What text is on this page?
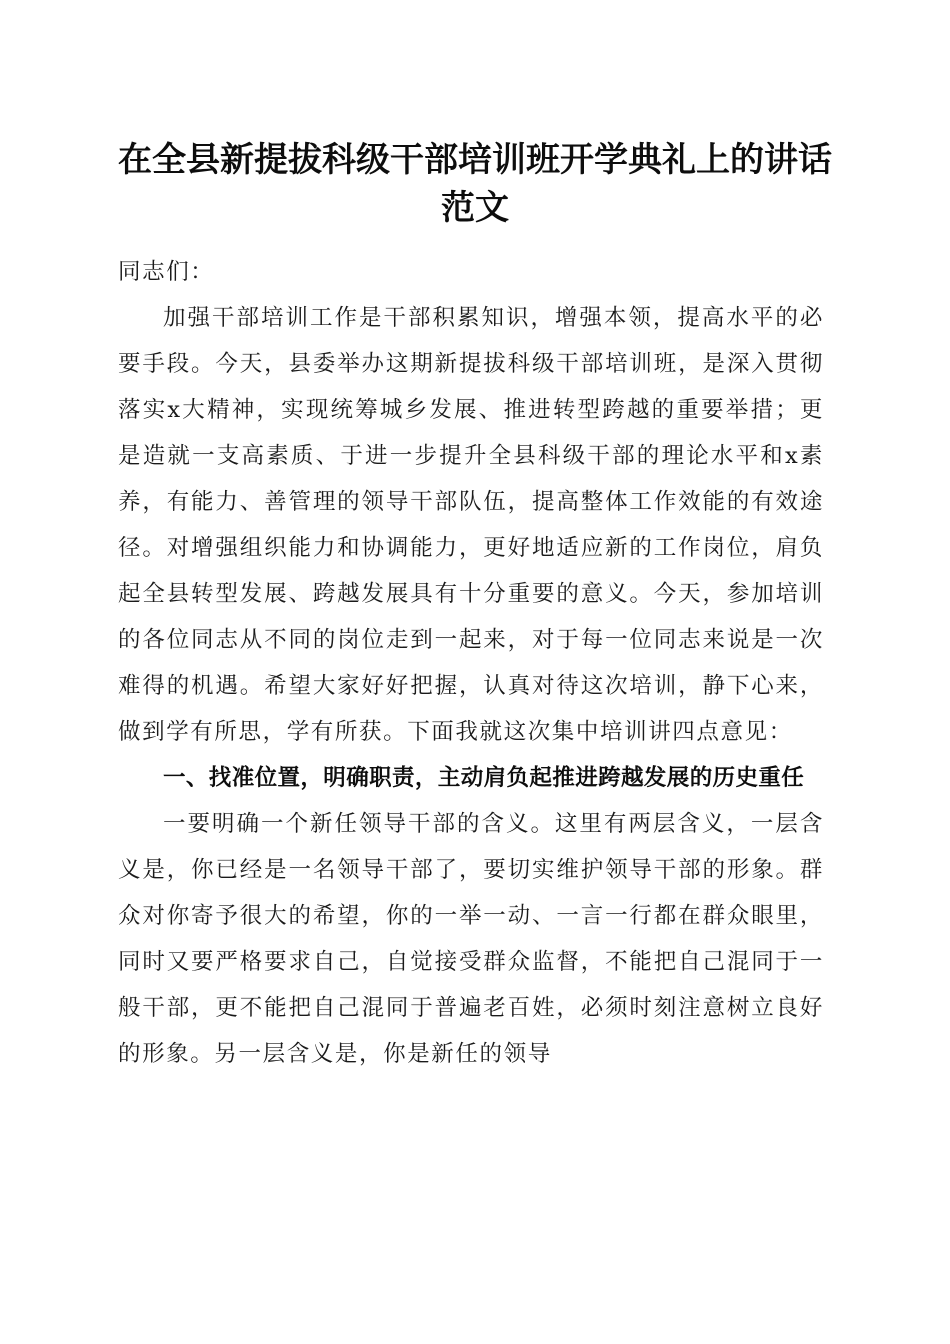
在全县新提拔科级干部培训班开学典礼上的讲话范文

同志们：

加强干部培训工作是干部积累知识，增强本领，提高水平的必要手段。今天，县委举办这期新提拔科级干部培训班，是深入贯彻落实x大精神，实现统筹城乡发展、推进转型跨越的重要举措；更是造就一支高素质、于进一步提升全县科级干部的理论水平和x素养，有能力、善管理的领导干部队伍，提高整体工作效能的有效途径。对增强组织能力和协调能力，更好地适应新的工作岗位，肩负起全县转型发展、跨越发展具有十分重要的意义。今天，参加培训的各位同志从不同的岗位走到一起来，对于每一位同志来说是一次难得的机遇。希望大家好好把握，认真对待这次培训，静下心来，做到学有所思，学有所获。下面我就这次集中培训讲四点意见：

一、找准位置，明确职责，主动肩负起推进跨越发展的历史重任

一要明确一个新任领导干部的含义。这里有两层含义，一层含义是，你已经是一名领导干部了，要切实维护领导干部的形象。群众对你寄予很大的希望，你的一举一动、一言一行都在群众眼里，同时又要严格要求自己，自觉接受群众监督，不能把自己混同于一般干部，更不能把自己混同于普遍老百姓，必须时刻注意树立良好的形象。另一层含义是，你是新任的领导
